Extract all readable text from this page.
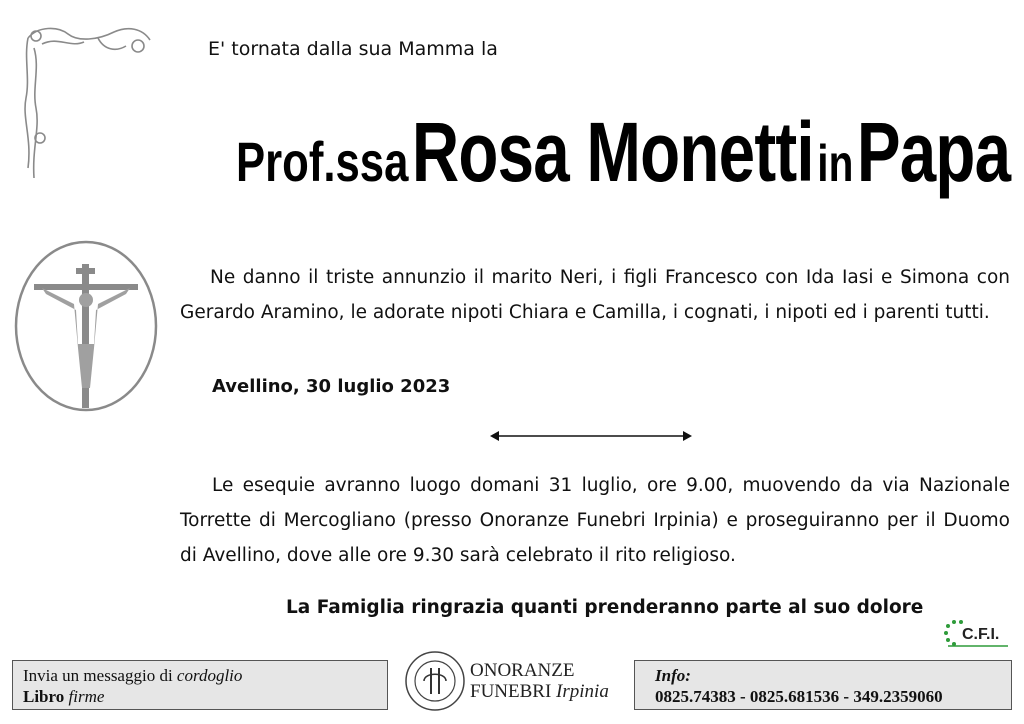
E' tornata dalla sua Mamma la
Prof.ssa Rosa Monetti in Papa
Ne danno il triste annunzio il marito Neri, i figli Francesco con Ida Iasi e Simona con Gerardo Aramino, le adorate nipoti Chiara e Camilla, i cognati, i nipoti ed i parenti tutti.
Avellino, 30 luglio 2023
Le esequie avranno luogo domani 31 luglio, ore 9.00, muovendo da via Nazionale Torrette di Mercogliano (presso Onoranze Funebri Irpinia) e proseguiranno per il Duomo di Avellino, dove alle ore 9.30 sarà celebrato il rito religioso.
La Famiglia ringrazia quanti prenderanno parte al suo dolore
C.F.I.
Invia un messaggio di cordoglio
Libro firme
ONORANZE
FUNEBRI Irpinia
Info:
0825.74383 - 0825.681536 - 349.2359060
